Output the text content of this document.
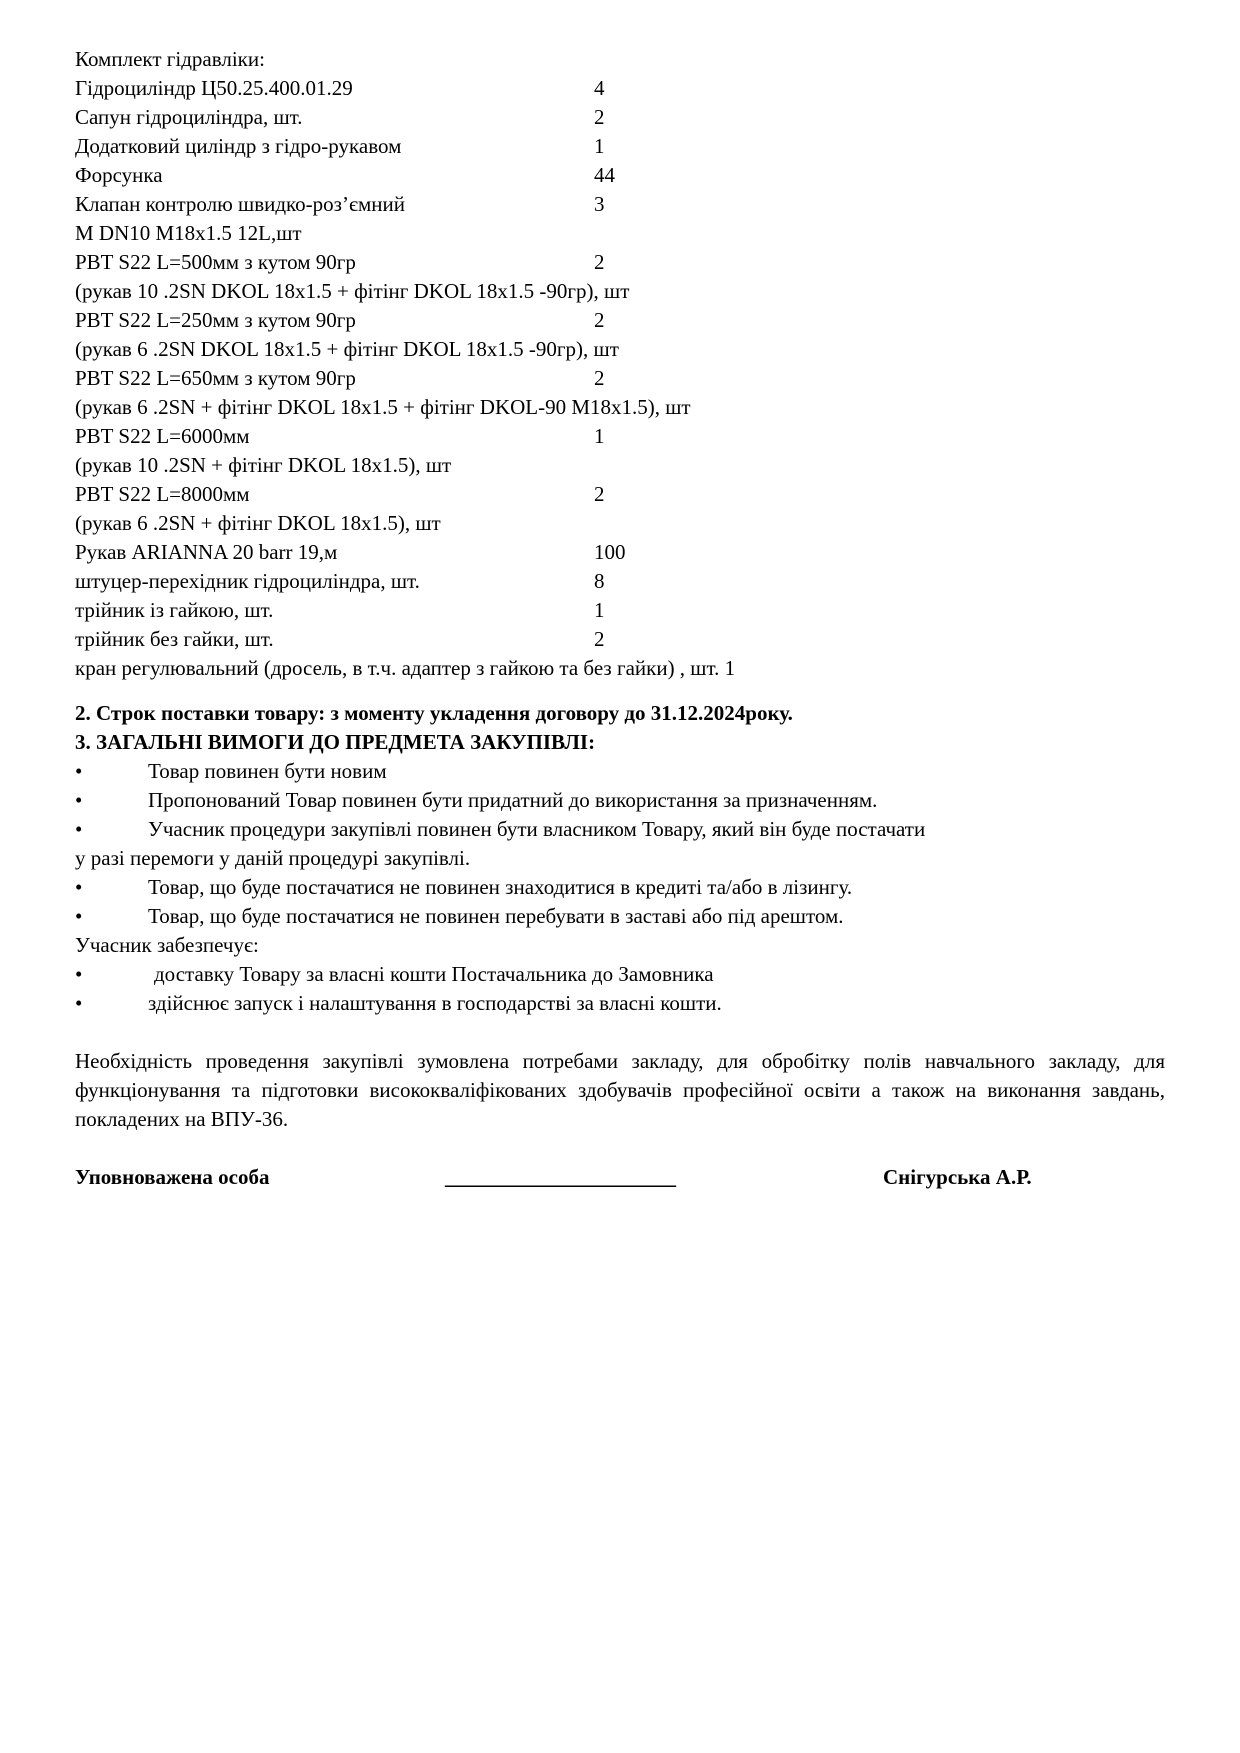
Комплект гідравліки:
Гідроциліндр Ц50.25.400.01.29	4
Сапун гідроциліндра, шт.	2
Додатковий циліндр з гідро-рукавом	1
Форсунка	44
Клапан контролю швидко-роз’ємний	3
M DN10 M18x1.5 12L,шт
PBT S22 L=500мм з кутом 90гр	2
(рукав 10 .2SN DKOL 18x1.5 + фітінг DKOL 18x1.5 -90гр), шт
PBT S22 L=250мм з кутом 90гр	2
(рукав 6 .2SN DKOL 18x1.5 + фітінг DKOL 18x1.5 -90гр), шт
PBT S22 L=650мм з кутом 90гр	2
(рукав 6 .2SN + фітінг DKOL 18x1.5 + фітінг DKOL-90 M18x1.5), шт
PBT S22 L=6000мм	1
(рукав 10 .2SN + фітінг DKOL 18x1.5), шт
PBT S22 L=8000мм	2
(рукав 6 .2SN + фітінг DKOL 18x1.5), шт
Рукав ARIANNA 20 barr 19,м	100
штуцер-перехідник гідроциліндра, шт.	8
трійник із гайкою, шт.	1
трійник без гайки, шт.	2
кран регулювальний (дросель, в т.ч. адаптер з гайкою та без гайки) , шт. 1
2. Строк поставки товару: з моменту укладення договору до 31.12.2024року.
3. ЗАГАЛЬНІ ВИМОГИ ДО ПРЕДМЕТА ЗАКУПІВЛІ:
•	Товар повинен бути новим
•	Пропонований Товар повинен бути придатний до використання за призначенням.
•	Учасник процедури закупівлі повинен бути власником Товару, який він буде постачати
у разі перемоги у даній процедурі закупівлі.
•	Товар, що буде постачатися не повинен знаходитися в кредиті та/або в лізингу.
•	Товар, що буде постачатися не повинен перебувати в заставі або під арештом.
Учасник забезпечує:
•	доставку Товару за власні кошти Постачальника до Замовника
•	здійснює запуск і налаштування в господарстві за власні кошти.
Необхідність проведення закупівлі зумовлена потребами закладу, для обробітку полів навчального закладу, для функціонування та підготовки висококваліфікованих здобувачів професійної освіти а також на виконання завдань, покладених на ВПУ-36.
Уповноважена особа	______________________	Снігурська А.Р.
